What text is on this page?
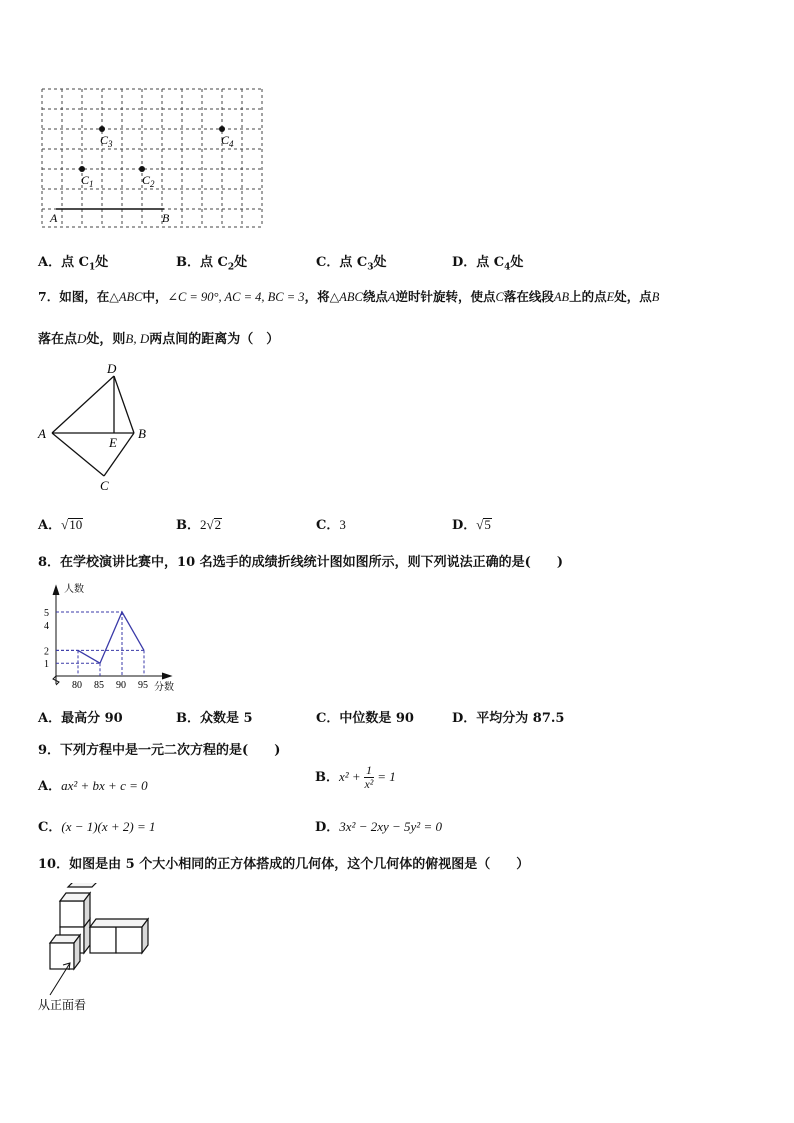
$C_3$	$C_4$
$C_1$	$C_2$
A	B
A．点 $C_1$处	B．点 $C_2$处	C．点 $C_3$处	D．点 $C_4$处
7．如图，在△ABC中，∠C = 90°, AC = 4, BC = 3，将△ABC绕点A逆时针旋转，使点C落在线段AB上的点E处，点B
落在点D处，则B, D两点间的距离为（　）
D
A
E
B
C
A．√10	B．2√2	C．3	D．√5
8．在学校演讲比赛中，10 名选手的成绩折线统计图如图所示，则下列说法正确的是(　　)
人数
分数
80 85 90 95
1
2
4
5
A．最高分 90	B．众数是 5	C．中位数是 90	D．平均分为 87.5
9．下列方程中是一元二次方程的是(　　)
A．ax² + bx + c = 0
B．$x^2 + \frac{1}{\text{x²}} = 1$
C．(x − 1)(x + 2) = 1	D．3x² − 2xy − 5y² = 0
10．如图是由 5 个大小相同的正方体搭成的几何体，这个几何体的俯视图是（　　）
从正面看
